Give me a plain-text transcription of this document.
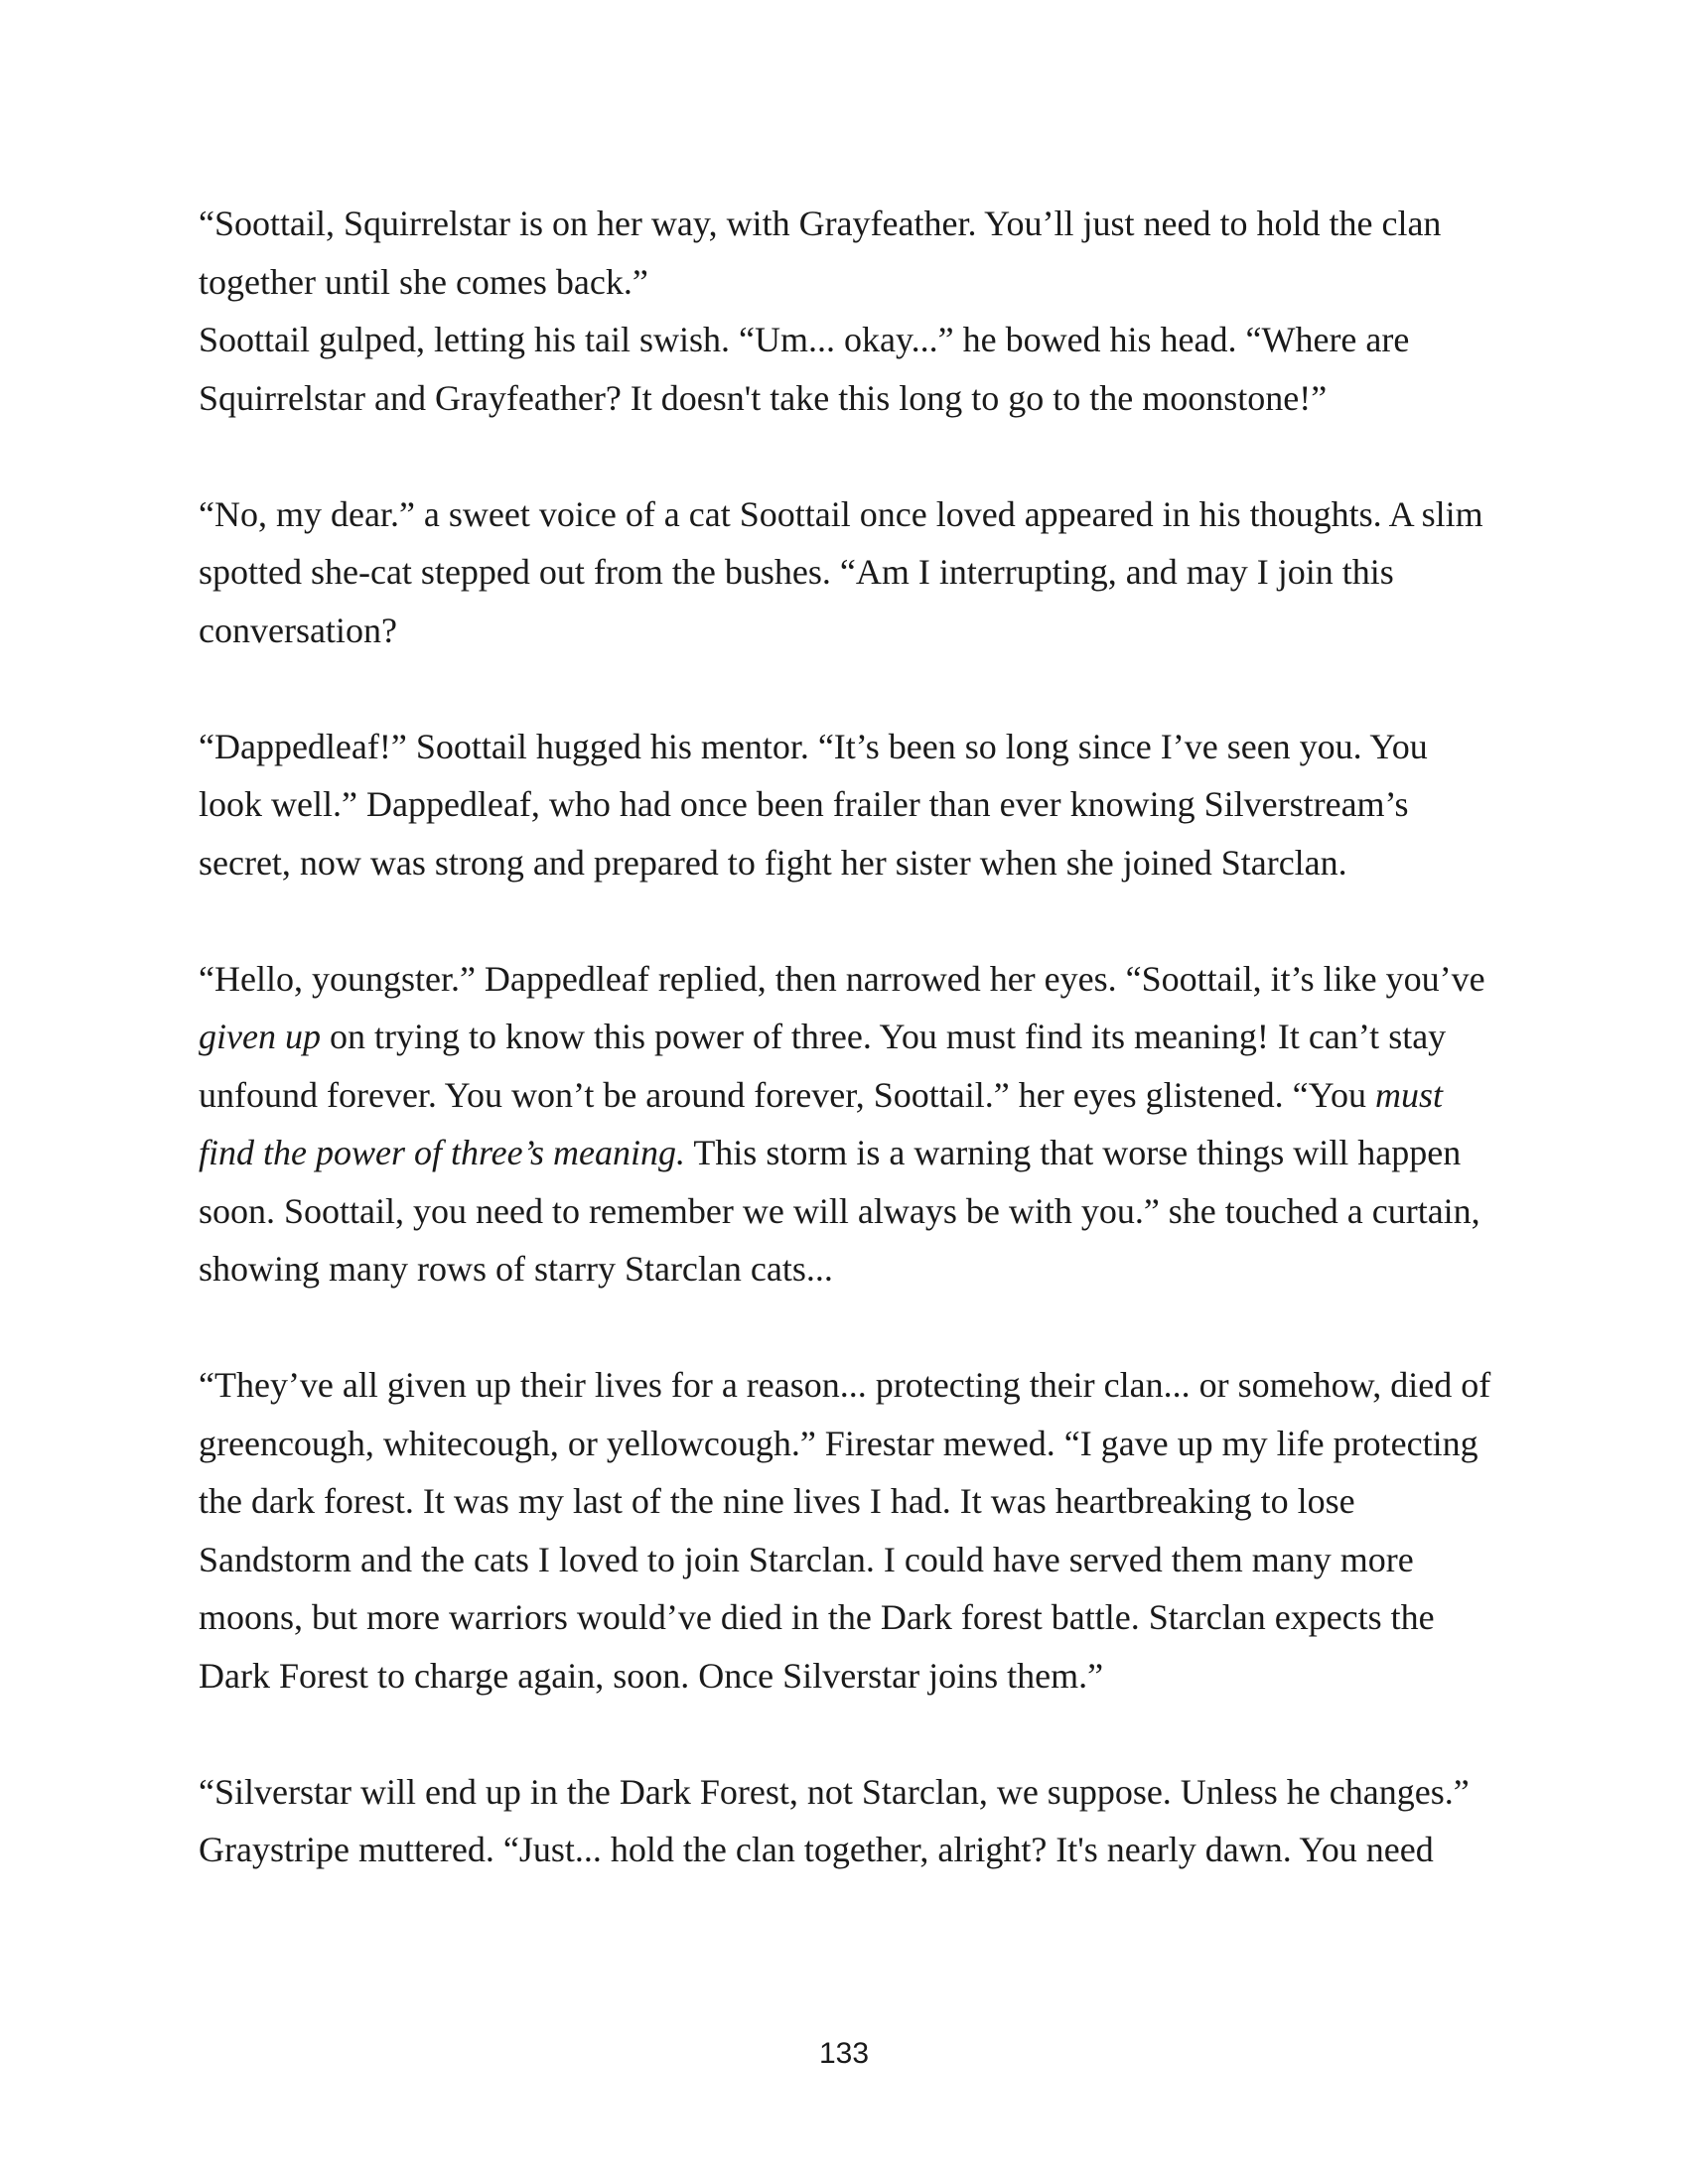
“Soottail, Squirrelstar is on her way, with Grayfeather. You’ll just need to hold the clan together until she comes back.”

Soottail gulped, letting his tail swish. “Um... okay...” he bowed his head. “Where are Squirrelstar and Grayfeather? It doesn't take this long to go to the moonstone!”

“No, my dear.” a sweet voice of a cat Soottail once loved appeared in his thoughts. A slim spotted she-cat stepped out from the bushes. “Am I interrupting, and may I join this conversation?

“Dappedleaf!” Soottail hugged his mentor. “It’s been so long since I’ve seen you. You look well.” Dappedleaf, who had once been frailer than ever knowing Silverstream’s secret, now was strong and prepared to fight her sister when she joined Starclan.

“Hello, youngster.” Dappedleaf replied, then narrowed her eyes. “Soottail, it’s like you’ve given up on trying to know this power of three. You must find its meaning! It can’t stay unfound forever. You won’t be around forever, Soottail.” her eyes glistened. “You must find the power of three’s meaning. This storm is a warning that worse things will happen soon. Soottail, you need to remember we will always be with you.” she touched a curtain, showing many rows of starry Starclan cats...

“They’ve all given up their lives for a reason... protecting their clan... or somehow, died of greencough, whitecough, or yellowcough.” Firestar mewed. “I gave up my life protecting the dark forest. It was my last of the nine lives I had. It was heartbreaking to lose Sandstorm and the cats I loved to join Starclan. I could have served them many more moons, but more warriors would’ve died in the Dark forest battle. Starclan expects the Dark Forest to charge again, soon. Once Silverstar joins them.”

“Silverstar will end up in the Dark Forest, not Starclan, we suppose. Unless he changes.” Graystripe muttered. “Just... hold the clan together, alright? It's nearly dawn. You need

133
